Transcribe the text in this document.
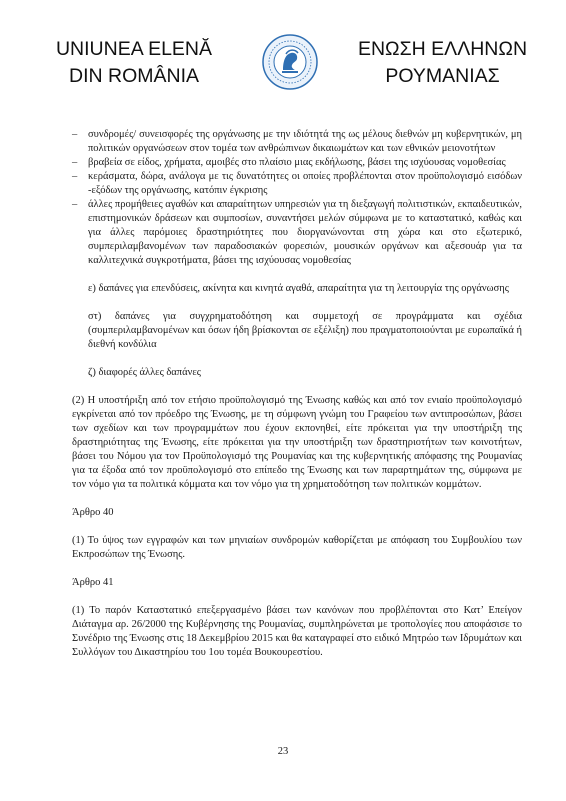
UNIUNEA ELENĂ
DIN ROMÂNIA
ΕΝΩΣΗ ΕΛΛΗΝΩΝ
ΡΟΥΜΑΝΙΑΣ

– συνδρομές/ συνεισφορές της οργάνωσης με την ιδιότητά της ως μέλους διεθνών μη κυβερνητικών, μη πολιτικών οργανώσεων στον τομέα των ανθρώπινων δικαιωμάτων και των εθνικών μειονοτήτων

– βραβεία σε είδος, χρήματα, αμοιβές στο πλαίσιο μιας εκδήλωσης, βάσει της ισχύουσας νομοθεσίας

– κεράσματα, δώρα, ανάλογα με τις δυνατότητες οι οποίες προβλέπονται στον προϋπολογισμό εισόδων -εξόδων της οργάνωσης, κατόπιν έγκρισης

– άλλες προμήθειες αγαθών και απαραίτητων υπηρεσιών για τη διεξαγωγή πολιτιστικών, εκπαιδευτικών, επιστημονικών δράσεων και συμποσίων, συναντήσει μελών σύμφωνα με το καταστατικό, καθώς και για άλλες παρόμοιες δραστηριότητες που διοργανώνονται στη χώρα και στο εξωτερικό, συμπεριλαμβανομένων των παραδοσιακών φορεσιών, μουσικών οργάνων και αξεσουάρ για τα καλλιτεχνικά συγκροτήματα, βάσει της ισχύουσας νομοθεσίας

ε) δαπάνες για επενδύσεις, ακίνητα και κινητά αγαθά, απαραίτητα για τη λειτουργία της οργάνωσης

στ) δαπάνες για συγχρηματοδότηση και συμμετοχή σε προγράμματα και σχέδια (συμπεριλαμβανομένων και όσων ήδη βρίσκονται σε εξέλιξη) που πραγματοποιούνται με ευρωπαϊκά ή διεθνή κονδύλια

ζ) διαφορές άλλες δαπάνες

(2) Η υποστήριξη από τον ετήσιο προϋπολογισμό της Ένωσης καθώς και από τον ενιαίο προϋπολογισμό εγκρίνεται από τον πρόεδρο της Ένωσης, με τη σύμφωνη γνώμη του Γραφείου των αντιπροσώπων, βάσει των σχεδίων και των προγραμμάτων που έχουν εκπονηθεί, είτε πρόκειται για την υποστήριξη της δραστηριότητας της Ένωσης, είτε πρόκειται για την υποστήριξη των δραστηριοτήτων των κοινοτήτων, βάσει του Νόμου για τον Προϋπολογισμό της Ρουμανίας και της κυβερνητικής απόφασης της Ρουμανίας για τα έξοδα από τον προϋπολογισμό στο επίπεδο της Ένωσης και των παραρτημάτων της, σύμφωνα με τον νόμο για τα πολιτικά κόμματα και τον νόμο για τη χρηματοδότηση των πολιτικών κομμάτων.

Άρθρο 40

(1) Το ύψος των εγγραφών και των μηνιαίων συνδρομών καθορίζεται με απόφαση του Συμβουλίου των Εκπροσώπων της Ένωσης.

Άρθρο 41

(1) Το παρόν Καταστατικό επεξεργασμένο βάσει των κανόνων που προβλέπονται στο Κατ’ Επείγον Διάταγμα αρ. 26/2000 της Κυβέρνησης της Ρουμανίας, συμπληρώνεται με τροπολογίες που αποφάσισε το Συνέδριο της Ένωσης στις 18 Δεκεμβρίου 2015 και θα καταγραφεί στο ειδικό Μητρώο των Ιδρυμάτων και Συλλόγων του Δικαστηρίου του 1ου τομέα Βουκουρεστίου.

23
